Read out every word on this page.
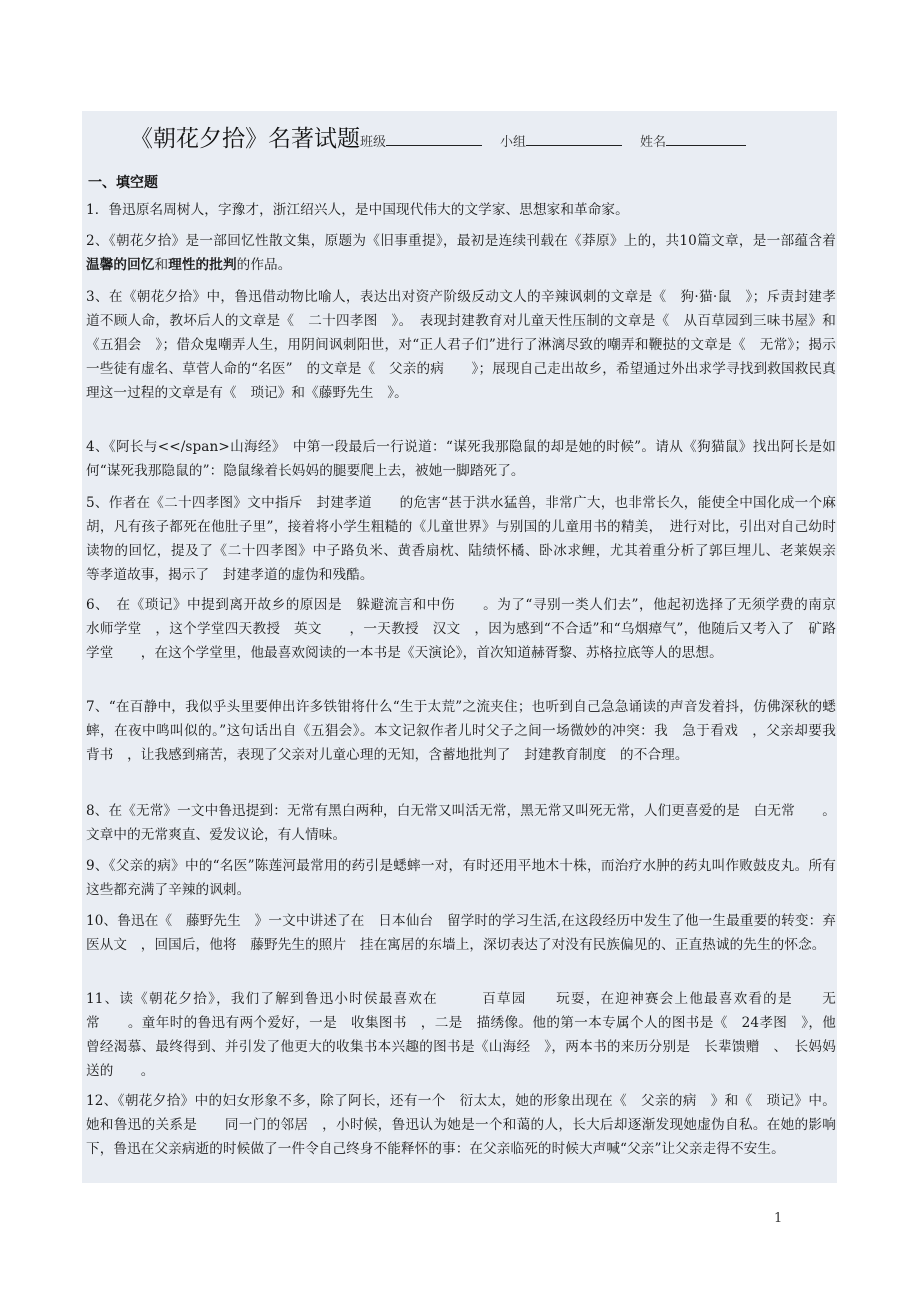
《朝花夕拾》名著试题班级	小组	姓名
一、填空题

1．鲁迅原名周树人，字豫才，浙江绍兴人，是中国现代伟大的文学家、思想家和革命家。

2、《朝花夕拾》是一部回忆性散文集，原题为《旧事重提》，最初是连续刊载在《莽原》上的，共10篇文章，是一部蕴含着温馨的回忆和理性的批判的作品。

3、在《朝花夕拾》中，鲁迅借动物比喻人，表达出对资产阶级反动文人的辛辣讽刺的文章是《　狗·猫·鼠　》；斥责封建孝道不顾人命，教坏后人的文章是《　二十四孝图　》。　表现封建教育对儿童天性压制的文章是《　从百草园到三味书屋》和《五猖会　》；借众鬼嘲弄人生，用阴间讽刺阳世，对“正人君子们”进行了淋漓尽致的嘲弄和鞭挞的文章是《　无常》；揭示一些徒有虚名、草菅人命的“名医”　的文章是《　父亲的病　　》；展现自己走出故乡，希望通过外出求学寻找到救国救民真理这一过程的文章是有《　琐记》和《藤野先生　》。

4、《阿长与<</span>山海经》　中第一段最后一行说道：“谋死我那隐鼠的却是她的时候”。请从《狗猫鼠》找出阿长是如何“谋死我那隐鼠的”：隐鼠缘着长妈妈的腿要爬上去，被她一脚踏死了。

5、作者在《二十四孝图》文中指斥　封建孝道　　的危害“甚于洪水猛兽，非常广大，也非常长久，能使全中国化成一个麻胡，凡有孩子都死在他肚子里”，接着将小学生粗糙的《儿童世界》与别国的儿童用书的精美，　进行对比，引出对自己幼时读物的回忆，提及了《二十四孝图》中子路负米、黄香扇枕、陆绩怀橘、卧冰求鲤，尤其着重分析了郭巨埋儿、老莱娱亲　等孝道故事，揭示了　封建孝道的虚伪和残酷。

6、　在《琐记》中提到离开故乡的原因是　躲避流言和中伤　　。为了“寻别一类人们去”，他起初选择了无须学费的南京　　水师学堂　，这个学堂四天教授　英文　　，一天教授　汉文　，因为感到“不合适”和“乌烟瘴气”，他随后又考入了　矿路学堂　　，在这个学堂里，他最喜欢阅读的一本书是《天演论》，首次知道赫胥黎、苏格拉底等人的思想。

7、“在百静中，我似乎头里要伸出许多铁钳将什么“生于太荒”之流夹住；也听到自己急急诵读的声音发着抖，仿佛深秋的蟋蟀，在夜中鸣叫似的。”这句话出自《五猖会》。本文记叙作者儿时父子之间一场微妙的冲突：我　急于看戏　，父亲却要我　背书　，让我感到痛苦，表现了父亲对儿童心理的无知，含蓄地批判了　封建教育制度　的不合理。

8、在《无常》一文中鲁迅提到：无常有黑白两种，白无常又叫活无常，黑无常又叫死无常，人们更喜爱的是　白无常　　。文章中的无常爽直、爱发议论，有人情味。

9、《父亲的病》中的“名医”陈莲河最常用的药引是蟋蟀一对，有时还用平地木十株，而治疗水肿的药丸叫作败鼓皮丸。所有这些都充满了辛辣的讽刺。

10、鲁迅在《　藤野先生　》一文中讲述了在　日本仙台　留学时的学习生活,在这段经历中发生了他一生最重要的转变：弃医从文　，回国后，他将　藤野先生的照片　挂在寓居的东墙上，深切表达了对没有民族偏见的、正直热诚的先生的怀念。

11、读《朝花夕拾》，我们了解到鲁迅小时侯最喜欢在　　　百草园　　玩耍，在迎神赛会上他最喜欢看的是　　无常　　。童年时的鲁迅有两个爱好，一是　收集图书　，二是　描绣像。他的第一本专属个人的图书是《　24孝图　》，他曾经渴慕、最终得到、并引发了他更大的收集书本兴趣的图书是《山海经　》，两本书的来历分别是　长辈馈赠　、　长妈妈送的　　。

12、《朝花夕拾》中的妇女形象不多，除了阿长，还有一个　衍太太，她的形象出现在《　父亲的病　》和《　琐记》中。她和鲁迅的关系是　　同一门的邻居　，小时候，鲁迅认为她是一个和蔼的人，长大后却逐渐发现她虚伪自私。在她的影响下，鲁迅在父亲病逝的时候做了一件令自己终身不能释怀的事：在父亲临死的时候大声喊“父亲”让父亲走得不安生。

1
